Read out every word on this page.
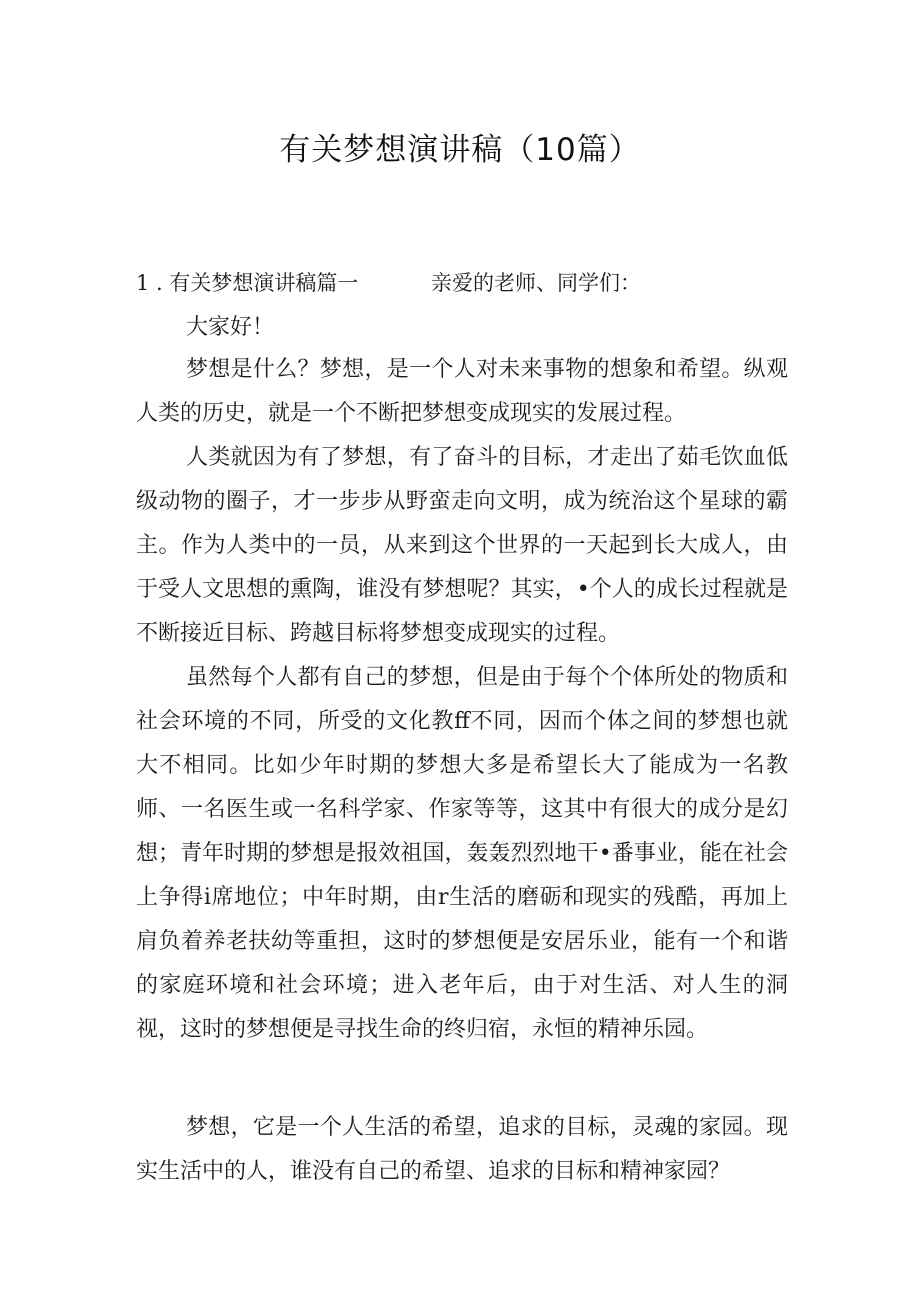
有关梦想演讲稿（10篇）
1 . 有关梦想演讲稿篇一	亲爱的老师、同学们：
大家好！

梦想是什么？梦想，是一个人对未来事物的想象和希望。纵观人类的历史，就是一个不断把梦想变成现实的发展过程。

人类就因为有了梦想，有了奋斗的目标，才走出了茹毛饮血低级动物的圈子，才一步步从野蛮走向文明，成为统治这个星球的霸主。作为人类中的一员，从来到这个世界的一天起到长大成人，由于受人文思想的熏陶，谁没有梦想呢？其实，•个人的成长过程就是不断接近目标、跨越目标将梦想变成现实的过程。

虽然每个人都有自己的梦想，但是由于每个个体所处的物质和社会环境的不同，所受的文化教ff不同，因而个体之间的梦想也就大不相同。比如少年时期的梦想大多是希望长大了能成为一名教师、一名医生或一名科学家、作家等等，这其中有很大的成分是幻想；青年时期的梦想是报效祖国，轰轰烈烈地干•番事业，能在社会上争得i席地位；中年时期，由r生活的磨砺和现实的残酷，再加上肩负着养老扶幼等重担，这时的梦想便是安居乐业，能有一个和谐的家庭环境和社会环境；进入老年后，由于对生活、对人生的洞视，这时的梦想便是寻找生命的终归宿，永恒的精神乐园。

梦想，它是一个人生活的希望，追求的目标，灵魂的家园。现实生活中的人，谁没有自己的希望、追求的目标和精神家园？
